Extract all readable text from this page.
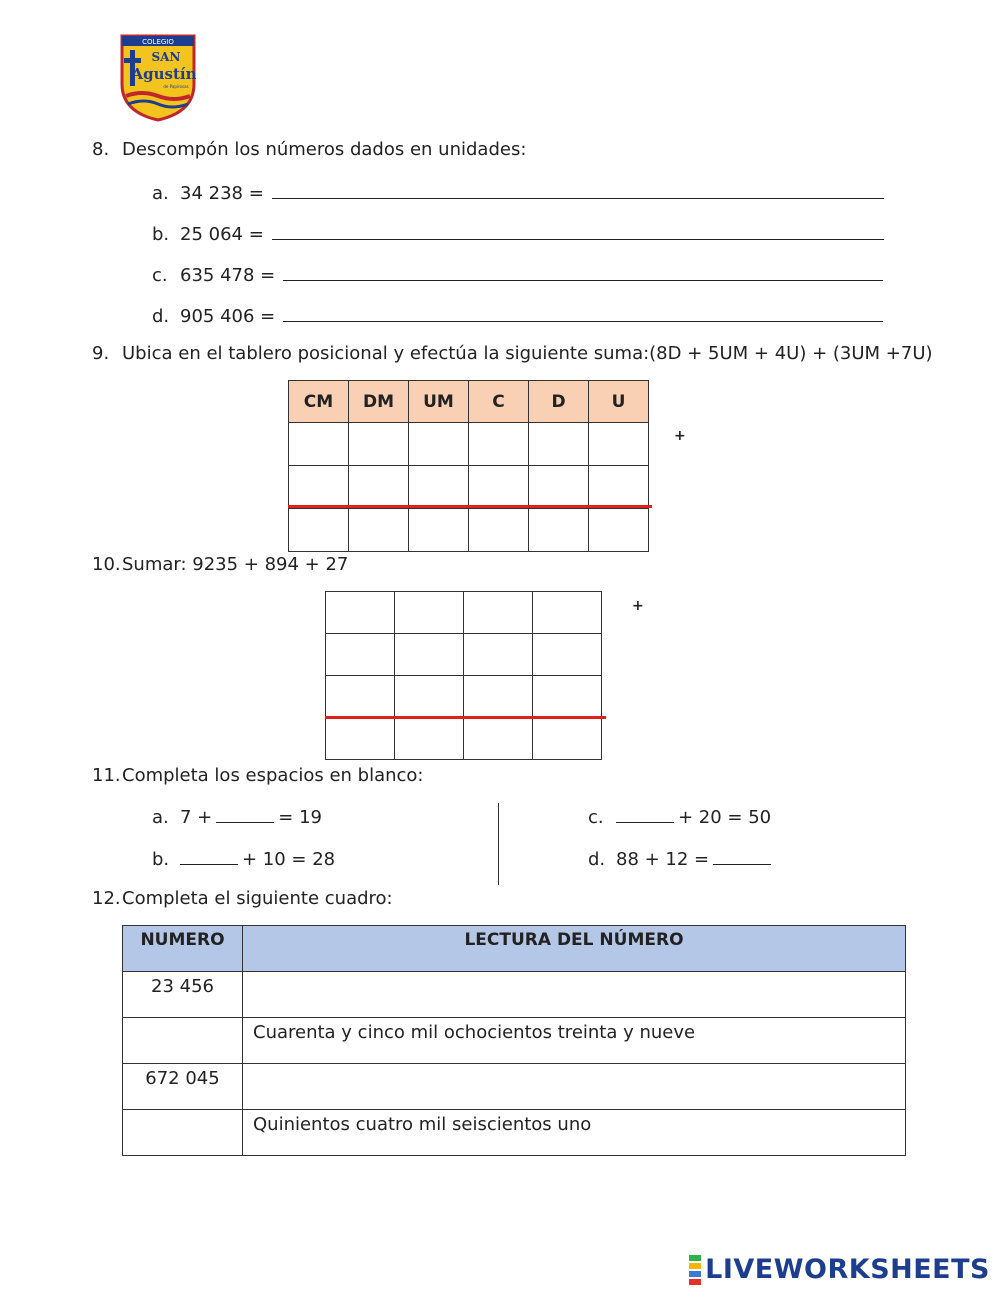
COLEGIO
SAN
Agustín
de Papirosas
8. Descompón los números dados en unidades:
a. 34 238 =
b. 25 064 =
c. 635 478 =
d. 905 406 =
9. Ubica en el tablero posicional y efectúa la siguiente suma:(8D + 5UM + 4U) + (3UM +7U)
CM	DM	UM	C	D	U

+
10.Sumar: 9235 + 894 + 27

+
11.Completa los espacios en blanco:
a. 7 +	= 19
b.	+ 10 = 28
c.	+ 20 = 50
d. 88 + 12 =
12.Completa el siguiente cuadro:
NUMERO	LECTURA DEL NÚMERO
23 456	
	Cuarenta y cinco mil ochocientos treinta y nueve
672 045	
	Quinientos cuatro mil seiscientos uno
LIVEWORKSHEETS
